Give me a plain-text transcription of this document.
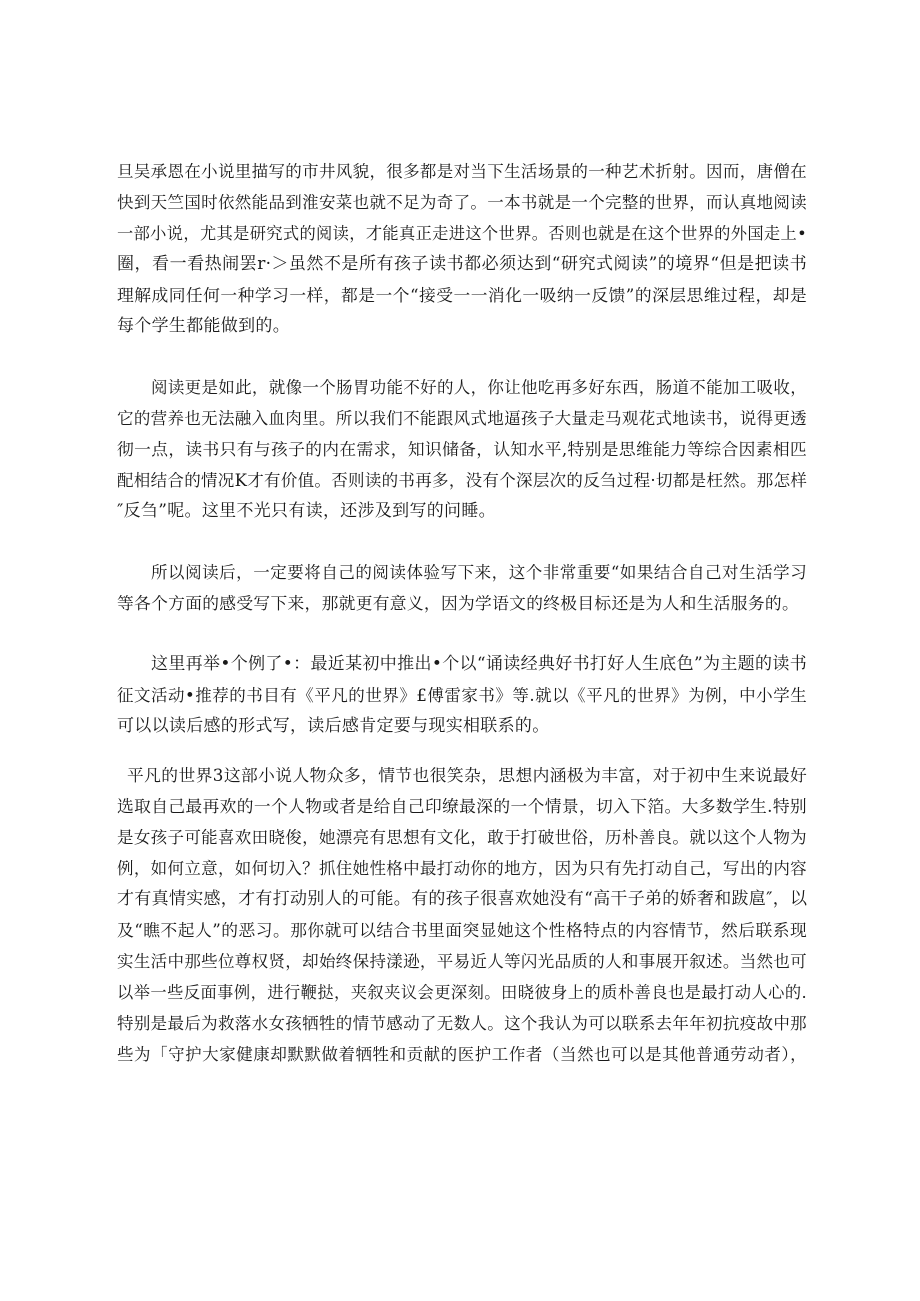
旦吴承恩在小说里描写的市井风貌，很多都是对当下生活场景的一种艺术折射。因而，唐僧在
快到天竺国时依然能品到淮安菜也就不足为奇了。一本书就是一个完整的世界，而认真地阅读
一部小说，尤其是研究式的阅读，才能真正走进这个世界。否则也就是在这个世界的外国走上•
圈，看一看热闹罢r·＞虽然不是所有孩子读书都必须达到“研究式阅读”的境界“但是把读书
理解成同任何一种学习一样，都是一个“接受一一消化一吸纳一反馈”的深层思维过程，却是
每个学生都能做到的。
阅读更是如此，就像一个肠胃功能不好的人，你让他吃再多好东西，肠道不能加工吸收，
它的营养也无法融入血肉里。所以我们不能跟风式地逼孩子大量走马观花式地读书，说得更透
彻一点，读书只有与孩子的内在需求，知识储备，认知水平,特别是思维能力等综合因素相匹
配相结合的情况K才有价值。否则读的书再多，没有个深层次的反刍过程·切都是枉然。那怎样
″反刍”呢。这里不光只有读，还涉及到写的问睡。
所以阅读后，一定要将自己的阅读体验写下来，这个非常重要“如果结合自己对生活学习
等各个方面的感受写下来，那就更有意义，因为学语文的终极目标还是为人和生活服务的。
这里再举•个例了•：最近某初中推出•个以“诵读经典好书打好人生底色”为主题的读书
征文活动•推荐的书目有《平凡的世界》£傅雷家书》等.就以《平凡的世界》为例，中小学生
可以以读后感的形式写，读后感肯定要与现实相联系的。
平凡的世界3这部小说人物众多，情节也很笑杂，思想内涵极为丰富，对于初中生来说最好
选取自己最再欢的一个人物或者是给自己印缭最深的一个情景，切入下箔。大多数学生.特别
是女孩子可能喜欢田晓俊，她漂亮有思想有文化，敢于打破世俗，历朴善良。就以这个人物为
例，如何立意，如何切入？抓住她性格中最打动你的地方，因为只有先打动自己，写出的内容
才有真情实感，才有打动别人的可能。有的孩子很喜欢她没有“高干子弟的娇奢和跋扈″，以
及“瞧不起人”的恶习。那你就可以结合书里面突显她这个性格特点的内容情节，然后联系现
实生活中那些位尊权贤，却始终保持漾逊，平易近人等闪光品质的人和事展开叙述。当然也可
以举一些反面事例，进行鞭挞，夹叙夹议会更深刻。田晓彼身上的质朴善良也是最打动人心的.
特别是最后为救落水女孩牺牲的情节感动了无数人。这个我认为可以联系去年年初抗疫故中那
些为「守护大家健康却默默做着牺牲和贡献的医护工作者（当然也可以是其他普通劳动者），
